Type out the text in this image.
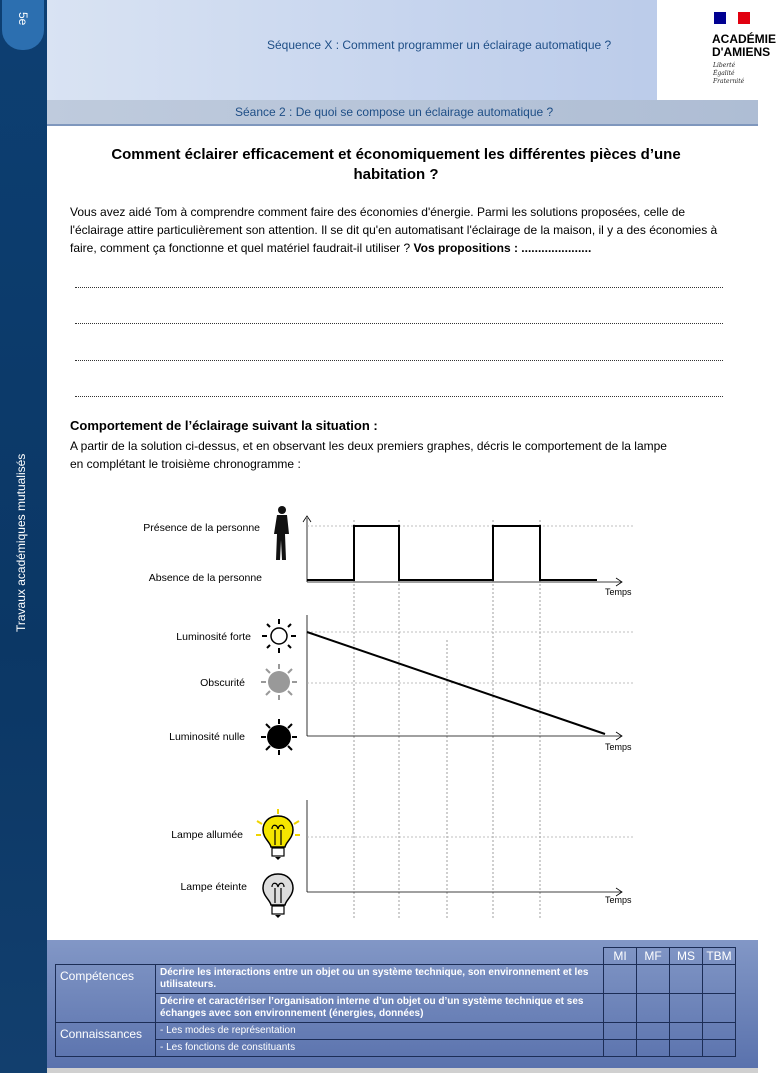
5e
Travaux académiques mutualisés
Séquence X : Comment programmer un éclairage automatique ?	ACADÉMIE
D'AMIENS
Liberté
Égalité
Fraternité
Séance 2 : De quoi se compose un éclairage automatique ?
Comment éclairer efficacement et économiquement les différentes pièces d’une habitation ?
Vous avez aidé Tom à comprendre comment faire des économies d'énergie. Parmi les solutions proposées, celle de l'éclairage attire particulièrement son attention. Il se dit qu'en automatisant l'éclairage de la maison, il y a des économies à faire, comment ça fonctionne et quel matériel faudrait-il utiliser ? Vos propositions : .....................
Comportement de l’éclairage suivant la situation :
A partir de la solution ci-dessus, et en observant les deux premiers graphes, décris le comportement de la lampe en complétant le troisième chronogramme :
Présence de la personne
Absence de la personne
Luminosité forte
Obscurité
Luminosité nulle
Lampe allumée
Lampe éteinte
Temps
Temps
Temps
		MI	MF	MS	TBM
Compétences	Décrire les interactions entre un objet ou un système technique, son environnement et les utilisateurs.				
	Décrire et caractériser l’organisation interne d’un objet ou d’un système technique et ses échanges avec son environnement (énergies, données)				
Connaissances	- Les modes de représentation				
	- Les fonctions de constituants				
